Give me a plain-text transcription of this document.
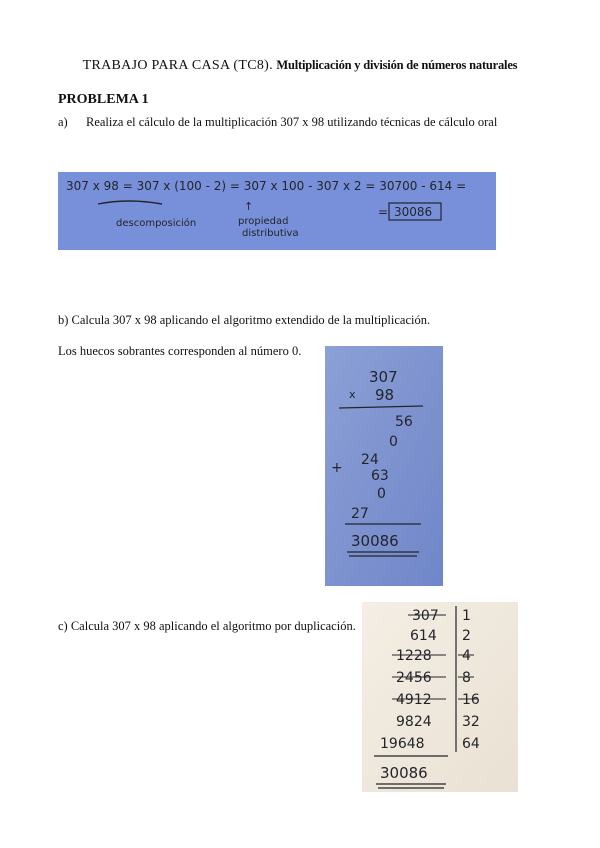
TRABAJO PARA CASA (TC8). Multiplicación y división de números naturales
PROBLEMA 1
a) Realiza el cálculo de la multiplicación 307 x 98 utilizando técnicas de cálculo oral
307 x 98 = 307 x (100 - 2) = 307 x 100 - 307 x 2 = 30700 - 614 =
descomposición
↑
propiedad
distributiva
= 30086
b) Calcula 307 x 98 aplicando el algoritmo extendido de la multiplicación.
Los huecos sobrantes corresponden al número 0.
307
x 98
56
0
24
+ 63
0
27
30086
c) Calcula 307 x 98 aplicando el algoritmo por duplicación.
307 1
614 2
1228 4
2456 8
4912 16
9824 32
19648	64
30086
